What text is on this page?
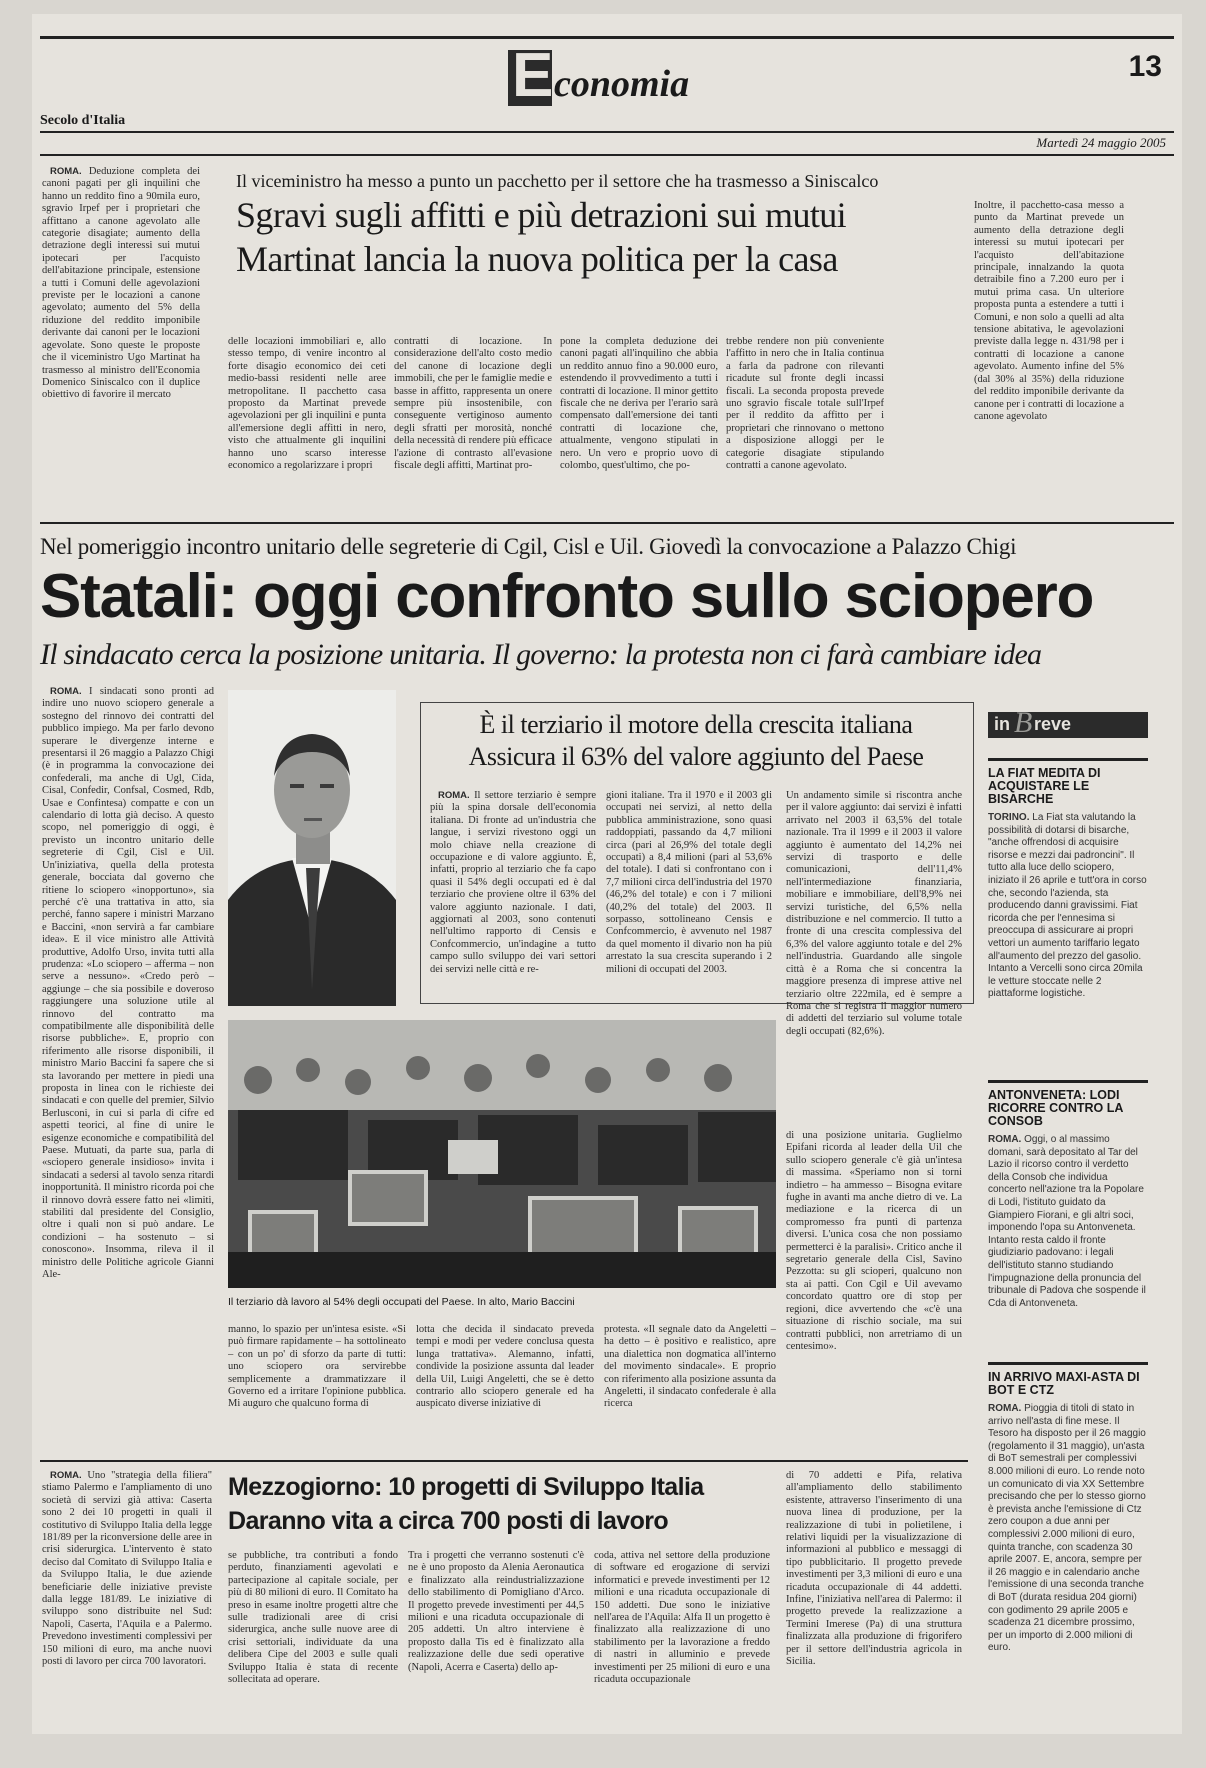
E conomia	13
Secolo d'Italia
Martedì 24 maggio 2005

ROMA. Deduzione completa dei canoni pagati per gli inquilini che hanno un reddito fino a 90mila euro, sgravio Irpef per i proprietari che affittano a canone agevolato alle categorie disagiate; aumento della detrazione degli interessi sui mutui ipotecari per l'acquisto dell'abitazione principale, estensione a tutti i Comuni delle agevolazioni previste per le locazioni a canone agevolato; aumento del 5% della riduzione del reddito imponibile derivante dai canoni per le locazioni agevolate. Sono queste le proposte che il viceministro Ugo Martinat ha trasmesso al ministro dell'Economia Domenico Siniscalco con il duplice obiettivo di favorire il mercato

Il viceministro ha messo a punto un pacchetto per il settore che ha trasmesso a Siniscalco
Sgravi sugli affitti e più detrazioni sui mutui
Martinat lancia la nuova politica per la casa
delle locazioni immobiliari e, allo stesso tempo, di venire incontro al forte disagio economico dei ceti medio-bassi residenti nelle aree metropolitane. Il pacchetto casa proposto da Martinat prevede agevolazioni per gli inquilini e punta all'emersione degli affitti in nero, visto che attualmente gli inquilini hanno uno scarso interesse economico a regolarizzare i propri
contratti di locazione. In considerazione dell'alto costo medio del canone di locazione degli immobili, che per le famiglie medie e basse in affitto, rappresenta un onere sempre più insostenibile, con conseguente vertiginoso aumento degli sfratti per morosità, nonché della necessità di rendere più efficace l'azione di contrasto all'evasione fiscale degli affitti, Martinat pro-
pone la completa deduzione dei canoni pagati all'inquilino che abbia un reddito annuo fino a 90.000 euro, estendendo il provvedimento a tutti i contratti di locazione. Il minor gettito fiscale che ne deriva per l'erario sarà compensato dall'emersione dei tanti contratti di locazione che, attualmente, vengono stipulati in nero. Un vero e proprio uovo di colombo, quest'ultimo, che po-
trebbe rendere non più conveniente l'affitto in nero che in Italia continua a farla da padrone con rilevanti ricadute sul fronte degli incassi fiscali. La seconda proposta prevede uno sgravio fiscale totale sull'Irpef per il reddito da affitto per i proprietari che rinnovano o mettono a disposizione alloggi per le categorie disagiate stipulando contratti a canone agevolato.
Inoltre, il pacchetto-casa messo a punto da Martinat prevede un aumento della detrazione degli interessi su mutui ipotecari per l'acquisto dell'abitazione principale, innalzando la quota detraibile fino a 7.200 euro per i mutui prima casa. Un ulteriore proposta punta a estendere a tutti i Comuni, e non solo a quelli ad alta tensione abitativa, le agevolazioni previste dalla legge n. 431/98 per i contratti di locazione a canone agevolato. Aumento infine del 5% (dal 30% al 35%) della riduzione del reddito imponibile derivante da canone per i contratti di locazione a canone agevolato
Nel pomeriggio incontro unitario delle segreterie di Cgil, Cisl e Uil. Giovedì la convocazione a Palazzo Chigi
Statali: oggi confronto sullo sciopero
Il sindacato cerca la posizione unitaria. Il governo: la protesta non ci farà cambiare idea

ROMA. I sindacati sono pronti ad indire uno nuovo sciopero generale a sostegno del rinnovo dei contratti del pubblico impiego. Ma per farlo devono superare le divergenze interne e presentarsi il 26 maggio a Palazzo Chigi (è in programma la convocazione dei confederali, ma anche di Ugl, Cida, Cisal, Confedir, Confsal, Cosmed, Rdb, Usae e Confintesa) compatte e con un calendario di lotta già deciso. A questo scopo, nel pomeriggio di oggi, è previsto un incontro unitario delle segreterie di Cgil, Cisl e Uil. Un'iniziativa, quella della protesta generale, bocciata dal governo che ritiene lo sciopero «inopportuno», sia perché c'è una trattativa in atto, sia perché, fanno sapere i ministri Marzano e Baccini, «non servirà a far cambiare idea». E il vice ministro alle Attività produttive, Adolfo Urso, invita tutti alla prudenza: «Lo sciopero – afferma – non serve a nessuno». «Credo però – aggiunge – che sia possibile e doveroso raggiungere una soluzione utile al rinnovo del contratto ma compatibilmente alle disponibilità delle risorse pubbliche». E, proprio con riferimento alle risorse disponibili, il ministro Mario Baccini fa sapere che si sta lavorando per mettere in piedi una proposta in linea con le richieste dei sindacati e con quelle del premier, Silvio Berlusconi, in cui si parla di cifre ed aspetti teorici, al fine di unire le esigenze economiche e compatibilità del Paese. Mutuati, da parte sua, parla di «sciopero generale insidioso» invita i sindacati a sedersi al tavolo senza ritardi inopportunità. Il ministro ricorda poi che il rinnovo dovrà essere fatto nei «limiti, stabiliti dal presidente del Consiglio, oltre i quali non si può andare. Le condizioni – ha sostenuto – si conoscono». Insomma, rileva il il ministro delle Politiche agricole Gianni Ale-

È il terziario il motore della crescita italiana
Assicura il 63% del valore aggiunto del Paese

ROMA. Il settore terziario è sempre più la spina dorsale dell'economia italiana. Di fronte ad un'industria che langue, i servizi rivestono oggi un molo chiave nella creazione di occupazione e di valore aggiunto. È, infatti, proprio al terziario che fa capo quasi il 54% degli occupati ed è dal terziario che proviene oltre il 63% del valore aggiunto nazionale. I dati, aggiornati al 2003, sono contenuti nell'ultimo rapporto di Censis e Confcommercio, un'indagine a tutto campo sullo sviluppo dei vari settori dei servizi nelle città e re-

gioni italiane. Tra il 1970 e il 2003 gli occupati nei servizi, al netto della pubblica amministrazione, sono quasi raddoppiati, passando da 4,7 milioni circa (pari al 26,9% del totale degli occupati) a 8,4 milioni (pari al 53,6% del totale). I dati si confrontano con i 7,7 milioni circa dell'industria del 1970 (46,2% del totale) e con i 7 milioni (40,2% del totale) del 2003. Il sorpasso, sottolineano Censis e Confcommercio, è avvenuto nel 1987 da quel momento il divario non ha più arrestato la sua crescita superando i 2 milioni di occupati del 2003.
Un andamento simile si riscontra anche per il valore aggiunto: dai servizi è infatti arrivato nel 2003 il 63,5% del totale nazionale. Tra il 1999 e il 2003 il valore aggiunto è aumentato del 14,2% nei servizi di trasporto e delle comunicazioni, dell'11,4% nell'intermediazione finanziaria, mobiliare e immobiliare, dell'8,9% nei servizi turistiche, del 6,5% nella distribuzione e nel commercio. Il tutto a fronte di una crescita complessiva del 6,3% del valore aggiunto totale e del 2% nell'industria. Guardando alle singole città è a Roma che si concentra la maggiore presenza di imprese attive nel terziario oltre 222mila, ed è sempre a Roma che si registra il maggior numero di addetti del terziario sul volume totale degli occupati (82,6%).
Il terziario dà lavoro al 54% degli occupati del Paese. In alto, Mario Baccini
manno, lo spazio per un'intesa esiste. «Si può firmare rapidamente – ha sottolineato – con un po' di sforzo da parte di tutti: uno sciopero ora servirebbe semplicemente a drammatizzare il Governo ed a irritare l'opinione pubblica. Mi auguro che qualcuno forma di
lotta che decida il sindacato preveda tempi e modi per vedere conclusa questa lunga trattativa». Alemanno, infatti, condivide la posizione assunta dal leader della Uil, Luigi Angeletti, che se è detto contrario allo sciopero generale ed ha auspicato diverse iniziative di
protesta. «Il segnale dato da Angeletti – ha detto – è positivo e realistico, apre una dialettica non dogmatica all'interno del movimento sindacale». E proprio con riferimento alla posizione assunta da Angeletti, il sindacato confederale è alla ricerca
di una posizione unitaria. Guglielmo Epifani ricorda al leader della Uil che sullo sciopero generale c'è già un'intesa di massima. «Speriamo non si torni indietro – ha ammesso – Bisogna evitare fughe in avanti ma anche dietro di ve. La mediazione e la ricerca di un compromesso fra punti di partenza diversi. L'unica cosa che non possiamo permetterci è la paralisi». Critico anche il segretario generale della Cisl, Savino Pezzotta: su gli scioperi, qualcuno non sta ai patti. Con Cgil e Uil avevamo concordato quattro ore di stop per regioni, dice avvertendo che «c'è una situazione di rischio sociale, ma sui contratti pubblici, non arretriamo di un centesimo».
in B reve

LA FIAT MEDITA DI ACQUISTARE LE BISARCHE

TORINO. La Fiat sta valutando la possibilità di dotarsi di bisarche, "anche offrendosi di acquisire risorse e mezzi dai padroncini". Il tutto alla luce dello sciopero, iniziato il 26 aprile e tutt'ora in corso che, secondo l'azienda, sta producendo danni gravissimi. Fiat ricorda che per l'ennesima si preoccupa di assicurare ai propri vettori un aumento tariffario legato all'aumento del prezzo del gasolio. Intanto a Vercelli sono circa 20mila le vetture stoccate nelle 2 piattaforme logistiche.

ANTONVENETA: LODI RICORRE CONTRO LA CONSOB

ROMA. Oggi, o al massimo domani, sarà depositato al Tar del Lazio il ricorso contro il verdetto della Consob che individua concerto nell'azione tra la Popolare di Lodi, l'istituto guidato da Giampiero Fiorani, e gli altri soci, imponendo l'opa su Antonveneta. Intanto resta caldo il fronte giudiziario padovano: i legali dell'istituto stanno studiando l'impugnazione della pronuncia del tribunale di Padova che sospende il Cda di Antonveneta.

IN ARRIVO MAXI-ASTA DI BOT E CTZ

ROMA. Pioggia di titoli di stato in arrivo nell'asta di fine mese. Il Tesoro ha disposto per il 26 maggio (regolamento il 31 maggio), un'asta di BoT semestrali per complessivi 8.000 milioni di euro. Lo rende noto un comunicato di via XX Settembre precisando che per lo stesso giorno è prevista anche l'emissione di Ctz zero coupon a due anni per complessivi 2.000 milioni di euro, quinta tranche, con scadenza 30 aprile 2007. E, ancora, sempre per il 26 maggio e in calendario anche l'emissione di una seconda tranche di BoT (durata residua 204 giorni) con godimento 29 aprile 2005 e scadenza 21 dicembre prossimo, per un importo di 2.000 milioni di euro.

ROMA. Uno "strategia della filiera" stiamo Palermo e l'ampliamento di uno società di servizi già attiva: Caserta sono 2 dei 10 progetti in quali il costitutivo di Sviluppo Italia della legge 181/89 per la riconversione delle aree in crisi siderurgica. L'intervento è stato deciso dal Comitato di Sviluppo Italia e da Sviluppo Italia, le due aziende beneficiarie delle iniziative previste dalla legge 181/89. Le iniziative di sviluppo sono distribuite nel Sud: Napoli, Caserta, l'Aquila e a Palermo. Prevedono investimenti complessivi per 150 milioni di euro, ma anche nuovi posti di lavoro per circa 700 lavoratori.

Mezzogiorno: 10 progetti di Sviluppo Italia
Daranno vita a circa 700 posti di lavoro
se pubbliche, tra contributi a fondo perduto, finanziamenti agevolati e partecipazione al capitale sociale, per più di 80 milioni di euro. Il Comitato ha preso in esame inoltre progetti altre che sulle tradizionali aree di crisi siderurgica, anche sulle nuove aree di crisi settoriali, individuate da una delibera Cipe del 2003 e sulle quali Sviluppo Italia è stata di recente sollecitata ad operare.
Tra i progetti che verranno sostenuti c'è ne è uno proposto da Alenia Aeronautica e finalizzato alla reindustrializzazione dello stabilimento di Pomigliano d'Arco. Il progetto prevede investimenti per 44,5 milioni e una ricaduta occupazionale di 205 addetti. Un altro interviene è proposto dalla Tis ed è finalizzato alla realizzazione delle due sedi operative (Napoli, Acerra e Caserta) dello ap-
coda, attiva nel settore della produzione di software ed erogazione di servizi informatici e prevede investimenti per 12 milioni e una ricaduta occupazionale di 150 addetti. Due sono le iniziative nell'area de l'Aquila: Alfa Il un progetto è finalizzato alla realizzazione di uno stabilimento per la lavorazione a freddo di nastri in alluminio e prevede investimenti per 25 milioni di euro e una ricaduta occupazionale
di 70 addetti e Pifa, relativa all'ampliamento dello stabilimento esistente, attraverso l'inserimento di una nuova linea di produzione, per la realizzazione di tubi in polietilene, i relativi liquidi per la visualizzazione di informazioni al pubblico e messaggi di tipo pubblicitario. Il progetto prevede investimenti per 3,3 milioni di euro e una ricaduta occupazionale di 44 addetti. Infine, l'iniziativa nell'area di Palermo: il progetto prevede la realizzazione a Termini Imerese (Pa) di una struttura finalizzata alla produzione di frigorifero per il settore dell'industria agricola in Sicilia.
